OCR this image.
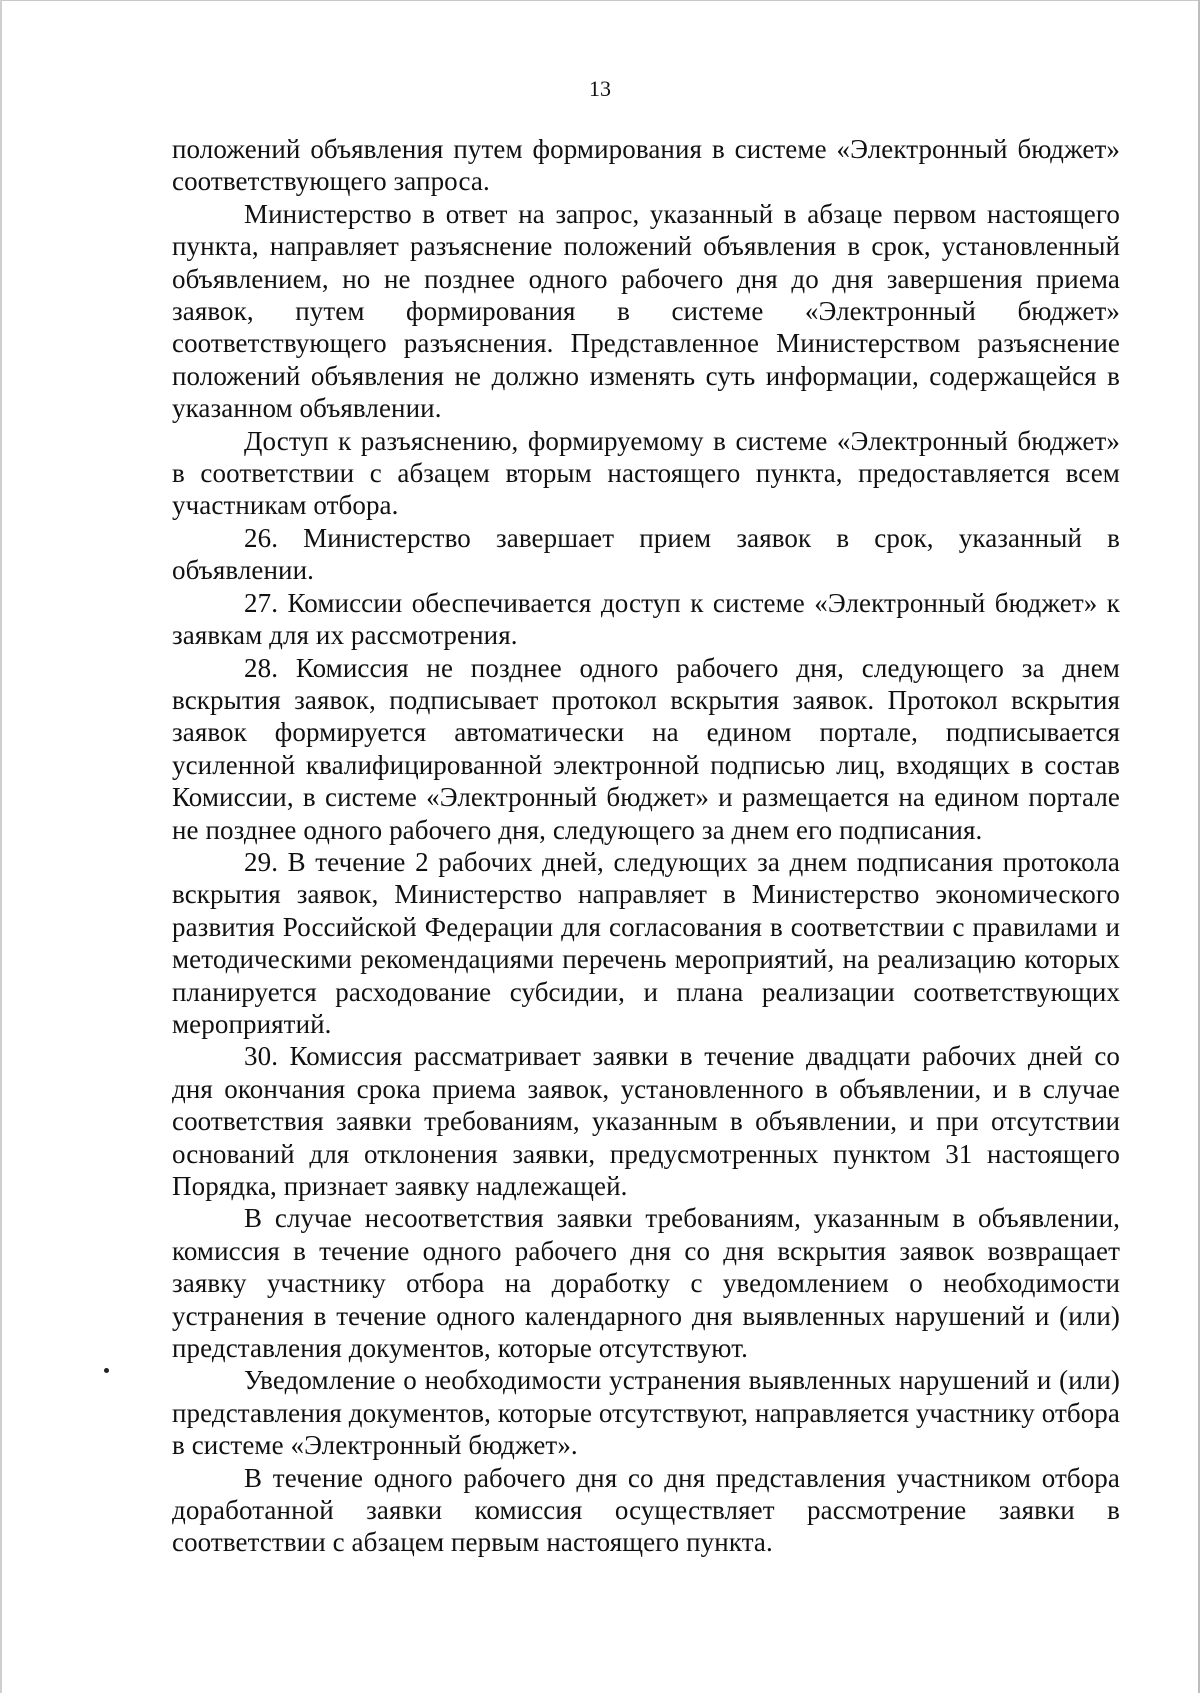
13

положений объявления путем формирования в системе «Электронный бюджет» соответствующего запроса.

Министерство в ответ на запрос, указанный в абзаце первом настоящего пункта, направляет разъяснение положений объявления в срок, установленный объявлением, но не позднее одного рабочего дня до дня завершения приема заявок, путем формирования в системе «Электронный бюджет» соответствующего разъяснения. Представленное Министерством разъяснение положений объявления не должно изменять суть информации, содержащейся в указанном объявлении.

Доступ к разъяснению, формируемому в системе «Электронный бюджет» в соответствии с абзацем вторым настоящего пункта, предоставляется всем участникам отбора.

26. Министерство завершает прием заявок в срок, указанный в объявлении.

27. Комиссии обеспечивается доступ к системе «Электронный бюджет» к заявкам для их рассмотрения.

28. Комиссия не позднее одного рабочего дня, следующего за днем вскрытия заявок, подписывает протокол вскрытия заявок. Протокол вскрытия заявок формируется автоматически на едином портале, подписывается усиленной квалифицированной электронной подписью лиц, входящих в состав Комиссии, в системе «Электронный бюджет» и размещается на едином портале не позднее одного рабочего дня, следующего за днем его подписания.

29. В течение 2 рабочих дней, следующих за днем подписания протокола вскрытия заявок, Министерство направляет в Министерство экономического развития Российской Федерации для согласования в соответствии с правилами и методическими рекомендациями перечень мероприятий, на реализацию которых планируется расходование субсидии, и плана реализации соответствующих мероприятий.

30. Комиссия рассматривает заявки в течение двадцати рабочих дней со дня окончания срока приема заявок, установленного в объявлении, и в случае соответствия заявки требованиям, указанным в объявлении, и при отсутствии оснований для отклонения заявки, предусмотренных пунктом 31 настоящего Порядка, признает заявку надлежащей.

В случае несоответствия заявки требованиям, указанным в объявлении, комиссия в течение одного рабочего дня со дня вскрытия заявок возвращает заявку участнику отбора на доработку с уведомлением о необходимости устранения в течение одного календарного дня выявленных нарушений и (или) представления документов, которые отсутствуют.

Уведомление о необходимости устранения выявленных нарушений и (или) представления документов, которые отсутствуют, направляется участнику отбора в системе «Электронный бюджет».

В течение одного рабочего дня со дня представления участником отбора доработанной заявки комиссия осуществляет рассмотрение заявки в соответствии с абзацем первым настоящего пункта.
